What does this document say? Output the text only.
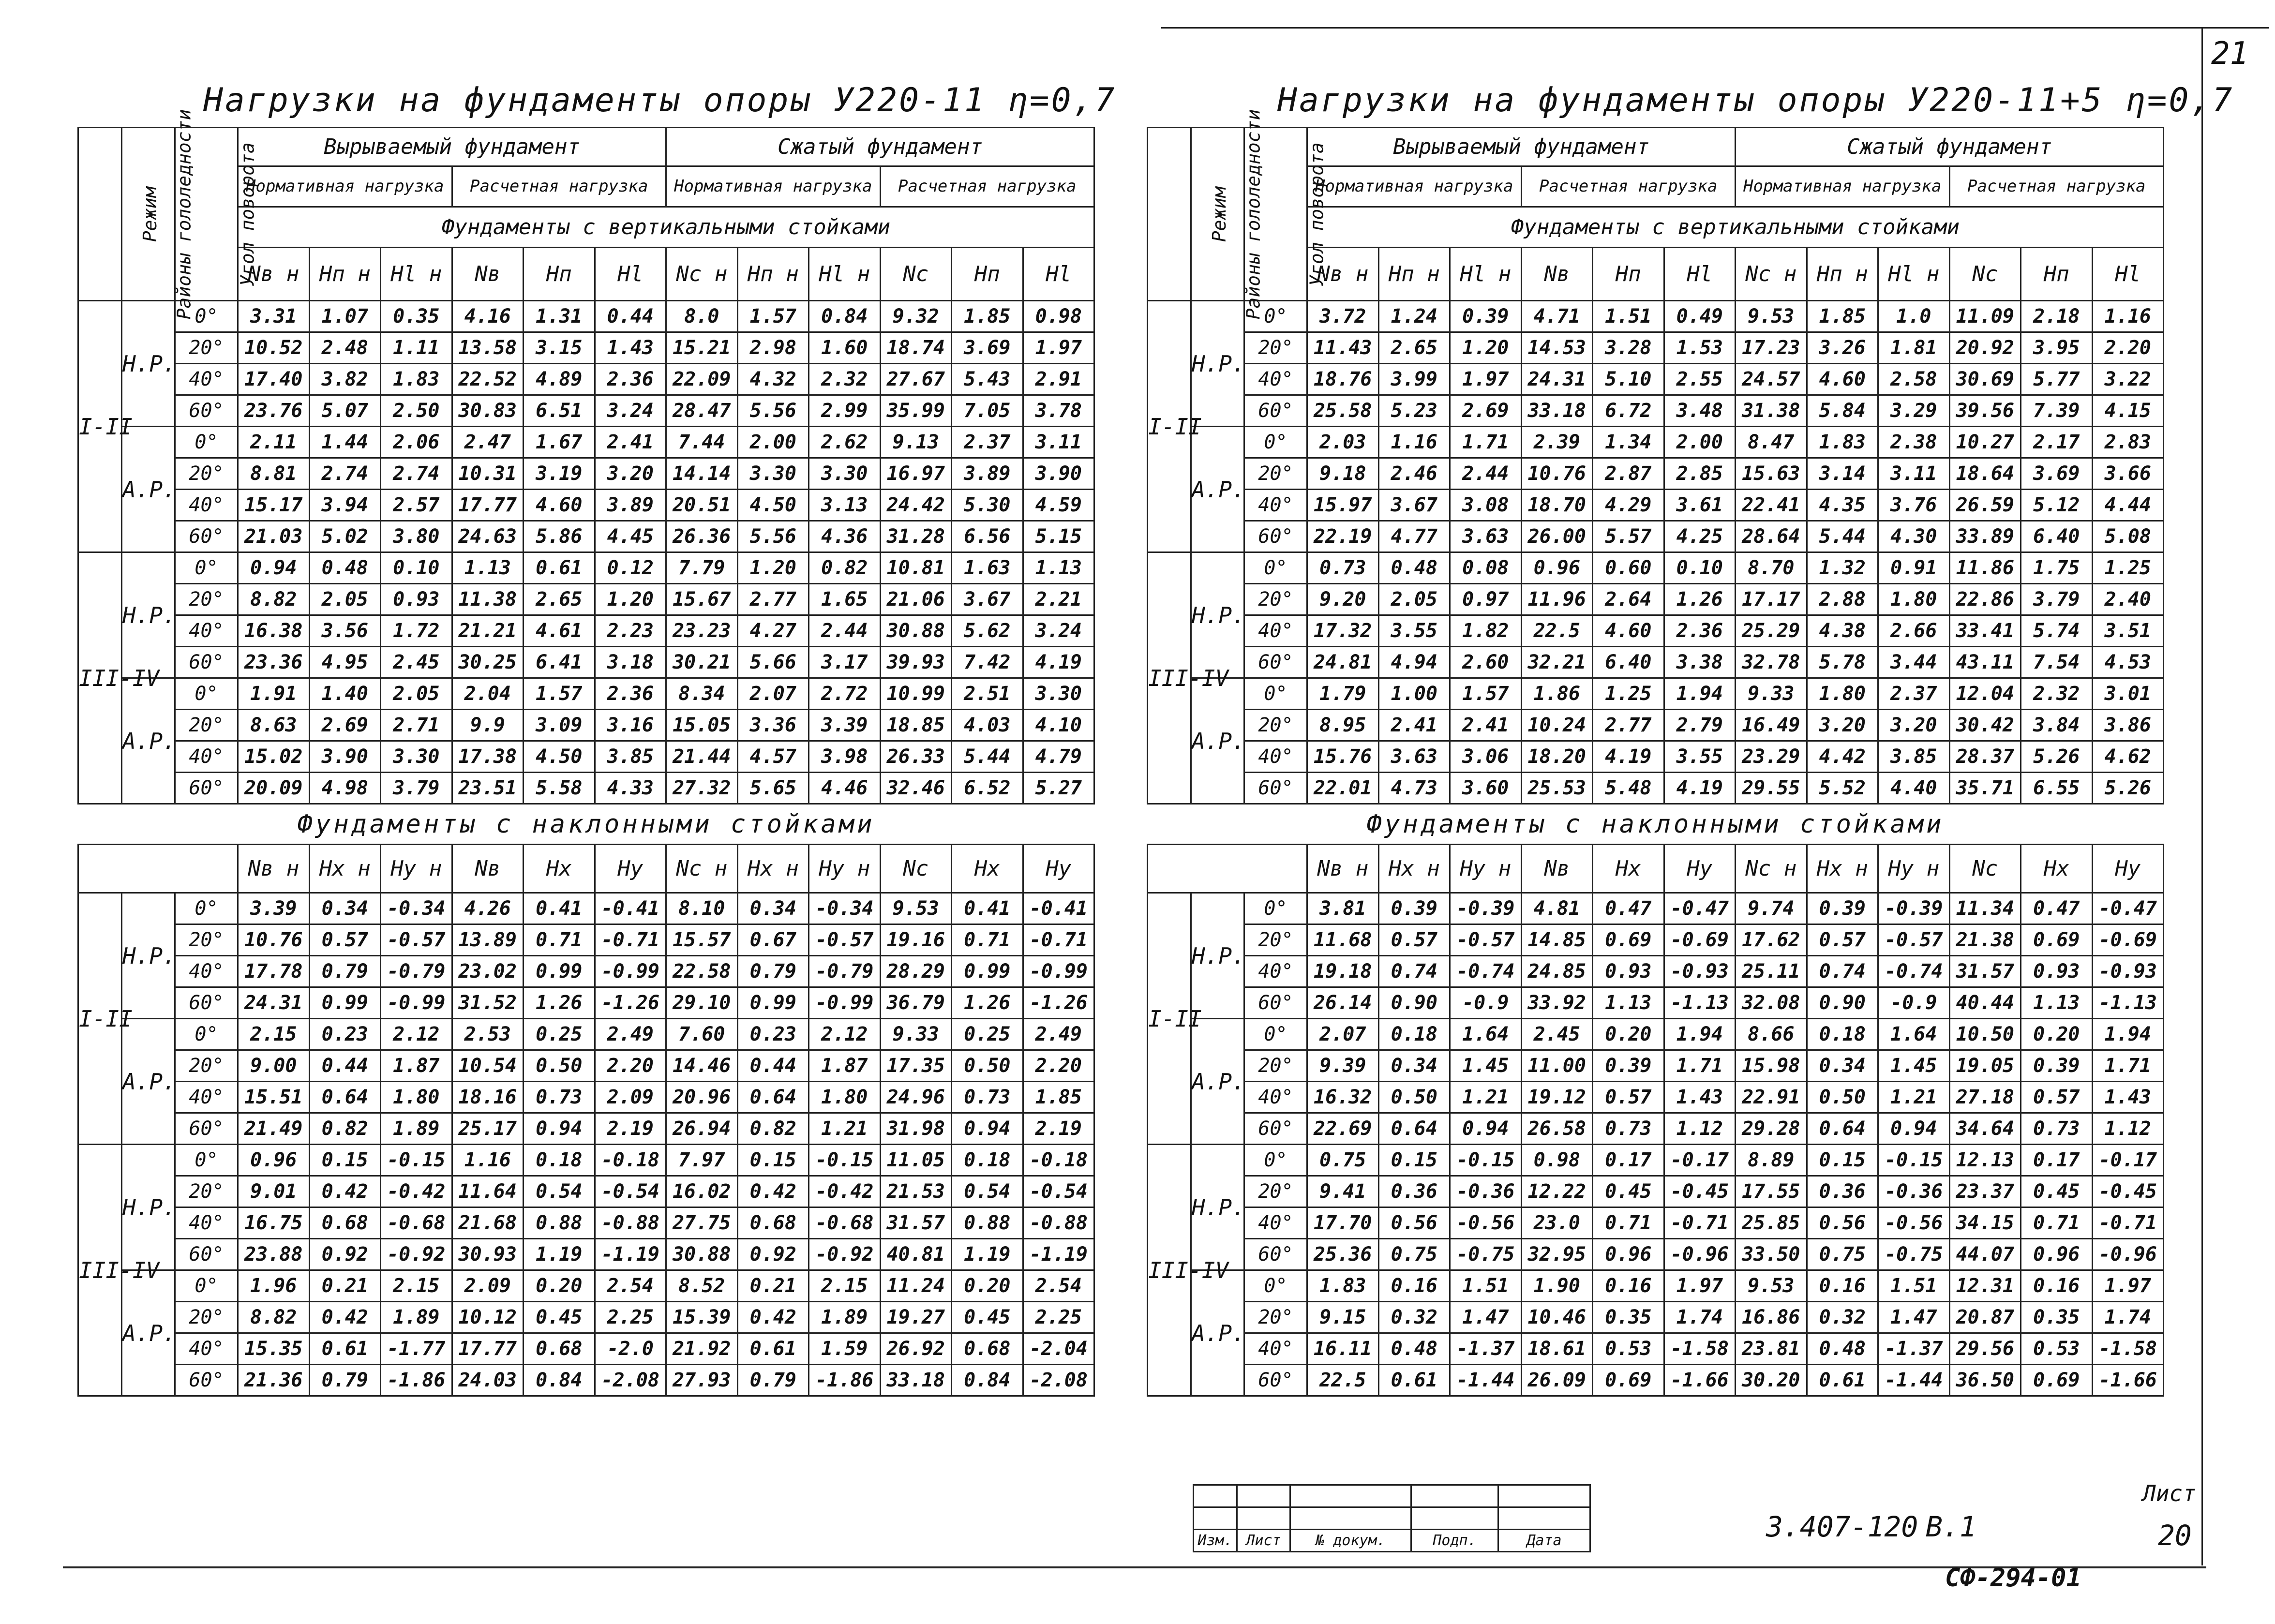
21
Нагрузки на фундаменты опоры У220-11 η=0,7	Нагрузки на фундаменты опоры У220-11+5 η=0,7
Районы гололедности	Режим	Угол поворота	Вырываемый фундамент						Сжатый фундамент					
			Нормативная нагрузка			Расчетная нагрузка			Нормативная нагрузка			Расчетная нагрузка		
			Фундаменты с вертикальными стойками											
			Nв н	Hп н	Hl н	Nв	Hп	Hl	Nс н	Hп н	Hl н	Nс	Hп	Hl
I-II	Н.Р.	0°	3.31	1.07	0.35	4.16	1.31	0.44	8.0	1.57	0.84	9.32	1.85	0.98
		20°	10.52	2.48	1.11	13.58	3.15	1.43	15.21	2.98	1.60	18.74	3.69	1.97
		40°	17.40	3.82	1.83	22.52	4.89	2.36	22.09	4.32	2.32	27.67	5.43	2.91
		60°	23.76	5.07	2.50	30.83	6.51	3.24	28.47	5.56	2.99	35.99	7.05	3.78
	А.Р.	0°	2.11	1.44	2.06	2.47	1.67	2.41	7.44	2.00	2.62	9.13	2.37	3.11
		20°	8.81	2.74	2.74	10.31	3.19	3.20	14.14	3.30	3.30	16.97	3.89	3.90
		40°	15.17	3.94	2.57	17.77	4.60	3.89	20.51	4.50	3.13	24.42	5.30	4.59
		60°	21.03	5.02	3.80	24.63	5.86	4.45	26.36	5.56	4.36	31.28	6.56	5.15
III-IV	Н.Р.	0°	0.94	0.48	0.10	1.13	0.61	0.12	7.79	1.20	0.82	10.81	1.63	1.13
		20°	8.82	2.05	0.93	11.38	2.65	1.20	15.67	2.77	1.65	21.06	3.67	2.21
		40°	16.38	3.56	1.72	21.21	4.61	2.23	23.23	4.27	2.44	30.88	5.62	3.24
		60°	23.36	4.95	2.45	30.25	6.41	3.18	30.21	5.66	3.17	39.93	7.42	4.19
	А.Р.	0°	1.91	1.40	2.05	2.04	1.57	2.36	8.34	2.07	2.72	10.99	2.51	3.30
		20°	8.63	2.69	2.71	9.9	3.09	3.16	15.05	3.36	3.39	18.85	4.03	4.10
		40°	15.02	3.90	3.30	17.38	4.50	3.85	21.44	4.57	3.98	26.33	5.44	4.79
		60°	20.09	4.98	3.79	23.51	5.58	4.33	27.32	5.65	4.46	32.46	6.52	5.27
Фундаменты с наклонными стойками														
			Nв н	Hx н	Hy н	Nв	Hx	Hy	Nс н	Hx н	Hy н	Nс	Hx	Hy
I-II	Н.Р.	0°	3.39	0.34	-0.34	4.26	0.41	-0.41	8.10	0.34	-0.34	9.53	0.41	-0.41
		20°	10.76	0.57	-0.57	13.89	0.71	-0.71	15.57	0.67	-0.57	19.16	0.71	-0.71
		40°	17.78	0.79	-0.79	23.02	0.99	-0.99	22.58	0.79	-0.79	28.29	0.99	-0.99
		60°	24.31	0.99	-0.99	31.52	1.26	-1.26	29.10	0.99	-0.99	36.79	1.26	-1.26
	А.Р.	0°	2.15	0.23	2.12	2.53	0.25	2.49	7.60	0.23	2.12	9.33	0.25	2.49
		20°	9.00	0.44	1.87	10.54	0.50	2.20	14.46	0.44	1.87	17.35	0.50	2.20
		40°	15.51	0.64	1.80	18.16	0.73	2.09	20.96	0.64	1.80	24.96	0.73	1.85
		60°	21.49	0.82	1.89	25.17	0.94	2.19	26.94	0.82	1.21	31.98	0.94	2.19
III-IV	Н.Р.	0°	0.96	0.15	-0.15	1.16	0.18	-0.18	7.97	0.15	-0.15	11.05	0.18	-0.18
		20°	9.01	0.42	-0.42	11.64	0.54	-0.54	16.02	0.42	-0.42	21.53	0.54	-0.54
		40°	16.75	0.68	-0.68	21.68	0.88	-0.88	27.75	0.68	-0.68	31.57	0.88	-0.88
		60°	23.88	0.92	-0.92	30.93	1.19	-1.19	30.88	0.92	-0.92	40.81	1.19	-1.19
	А.Р.	0°	1.96	0.21	2.15	2.09	0.20	2.54	8.52	0.21	2.15	11.24	0.20	2.54
		20°	8.82	0.42	1.89	10.12	0.45	2.25	15.39	0.42	1.89	19.27	0.45	2.25
		40°	15.35	0.61	-1.77	17.77	0.68	-2.0	21.92	0.61	1.59	26.92	0.68	-2.04
		60°	21.36	0.79	-1.86	24.03	0.84	-2.08	27.93	0.79	-1.86	33.18	0.84	-2.08
Районы гололедности	Режим	Угол поворота	Вырываемый фундамент						Сжатый фундамент					
			Нормативная нагрузка			Расчетная нагрузка			Нормативная нагрузка			Расчетная нагрузка		
			Фундаменты с вертикальными стойками											
			Nв н	Hп н	Hl н	Nв	Hп	Hl	Nс н	Hп н	Hl н	Nс	Hп	Hl
I-II	Н.Р.	0°	3.72	1.24	0.39	4.71	1.51	0.49	9.53	1.85	1.0	11.09	2.18	1.16
		20°	11.43	2.65	1.20	14.53	3.28	1.53	17.23	3.26	1.81	20.92	3.95	2.20
		40°	18.76	3.99	1.97	24.31	5.10	2.55	24.57	4.60	2.58	30.69	5.77	3.22
		60°	25.58	5.23	2.69	33.18	6.72	3.48	31.38	5.84	3.29	39.56	7.39	4.15
	А.Р.	0°	2.03	1.16	1.71	2.39	1.34	2.00	8.47	1.83	2.38	10.27	2.17	2.83
		20°	9.18	2.46	2.44	10.76	2.87	2.85	15.63	3.14	3.11	18.64	3.69	3.66
		40°	15.97	3.67	3.08	18.70	4.29	3.61	22.41	4.35	3.76	26.59	5.12	4.44
		60°	22.19	4.77	3.63	26.00	5.57	4.25	28.64	5.44	4.30	33.89	6.40	5.08
III-IV	Н.Р.	0°	0.73	0.48	0.08	0.96	0.60	0.10	8.70	1.32	0.91	11.86	1.75	1.25
		20°	9.20	2.05	0.97	11.96	2.64	1.26	17.17	2.88	1.80	22.86	3.79	2.40
		40°	17.32	3.55	1.82	22.5	4.60	2.36	25.29	4.38	2.66	33.41	5.74	3.51
		60°	24.81	4.94	2.60	32.21	6.40	3.38	32.78	5.78	3.44	43.11	7.54	4.53
	А.Р.	0°	1.79	1.00	1.57	1.86	1.25	1.94	9.33	1.80	2.37	12.04	2.32	3.01
		20°	8.95	2.41	2.41	10.24	2.77	2.79	16.49	3.20	3.20	30.42	3.84	3.86
		40°	15.76	3.63	3.06	18.20	4.19	3.55	23.29	4.42	3.85	28.37	5.26	4.62
		60°	22.01	4.73	3.60	25.53	5.48	4.19	29.55	5.52	4.40	35.71	6.55	5.26
Фундаменты с наклонными стойками														
			Nв н	Hx н	Hy н	Nв	Hx	Hy	Nс н	Hx н	Hy н	Nс	Hx	Hy
I-II	Н.Р.	0°	3.81	0.39	-0.39	4.81	0.47	-0.47	9.74	0.39	-0.39	11.34	0.47	-0.47
		20°	11.68	0.57	-0.57	14.85	0.69	-0.69	17.62	0.57	-0.57	21.38	0.69	-0.69
		40°	19.18	0.74	-0.74	24.85	0.93	-0.93	25.11	0.74	-0.74	31.57	0.93	-0.93
		60°	26.14	0.90	-0.9	33.92	1.13	-1.13	32.08	0.90	-0.9	40.44	1.13	-1.13
	А.Р.	0°	2.07	0.18	1.64	2.45	0.20	1.94	8.66	0.18	1.64	10.50	0.20	1.94
		20°	9.39	0.34	1.45	11.00	0.39	1.71	15.98	0.34	1.45	19.05	0.39	1.71
		40°	16.32	0.50	1.21	19.12	0.57	1.43	22.91	0.50	1.21	27.18	0.57	1.43
		60°	22.69	0.64	0.94	26.58	0.73	1.12	29.28	0.64	0.94	34.64	0.73	1.12
III-IV	Н.Р.	0°	0.75	0.15	-0.15	0.98	0.17	-0.17	8.89	0.15	-0.15	12.13	0.17	-0.17
		20°	9.41	0.36	-0.36	12.22	0.45	-0.45	17.55	0.36	-0.36	23.37	0.45	-0.45
		40°	17.70	0.56	-0.56	23.0	0.71	-0.71	25.85	0.56	-0.56	34.15	0.71	-0.71
		60°	25.36	0.75	-0.75	32.95	0.96	-0.96	33.50	0.75	-0.75	44.07	0.96	-0.96
	А.Р.	0°	1.83	0.16	1.51	1.90	0.16	1.97	9.53	0.16	1.51	12.31	0.16	1.97
		20°	9.15	0.32	1.47	10.46	0.35	1.74	16.86	0.32	1.47	20.87	0.35	1.74
		40°	16.11	0.48	-1.37	18.61	0.53	-1.58	23.81	0.48	-1.37	29.56	0.53	-1.58
		60°	22.5	0.61	-1.44	26.09	0.69	-1.66	30.20	0.61	-1.44	36.50	0.69	-1.66

Изм.	Лист	№ докум.	Подп.	Дата	3.407-120 В.1
Лист
20
СФ-294-01
